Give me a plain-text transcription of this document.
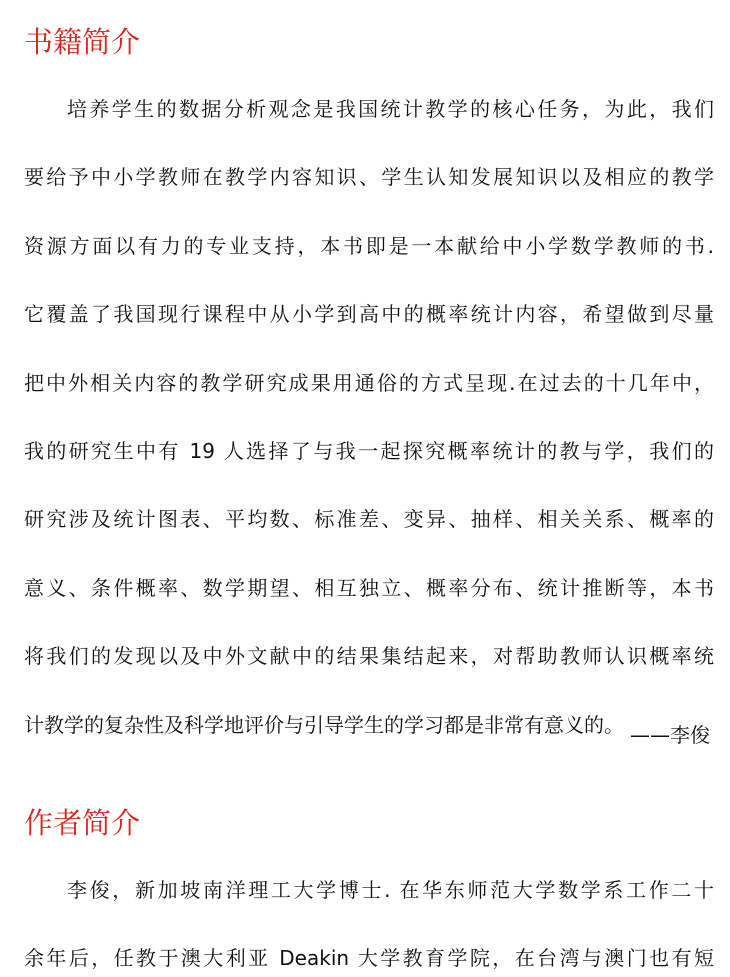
书籍简介
培养学生的数据分析观念是我国统计教学的核心任务，为此，我们
要给予中小学教师在教学内容知识、学生认知发展知识以及相应的教学
资源方面以有力的专业支持，本书即是一本献给中小学数学教师的书.
它覆盖了我国现行课程中从小学到高中的概率统计内容，希望做到尽量
把中外相关内容的教学研究成果用通俗的方式呈现.在过去的十几年中，
我的研究生中有 19 人选择了与我一起探究概率统计的教与学，我们的
研究涉及统计图表、平均数、标准差、变异、抽样、相关关系、概率的
意义、条件概率、数学期望、相互独立、概率分布、统计推断等，本书
将我们的发现以及中外文献中的结果集结起来，对帮助教师认识概率统
计教学的复杂性及科学地评价与引导学生的学习都是非常有意义的。 ——李俊

作者简介
李俊，新加坡南洋理工大学博士. 在华东师范大学数学系工作二十
余年后，任教于澳大利亚 Deakin 大学教育学院，在台湾与澳门也有短
